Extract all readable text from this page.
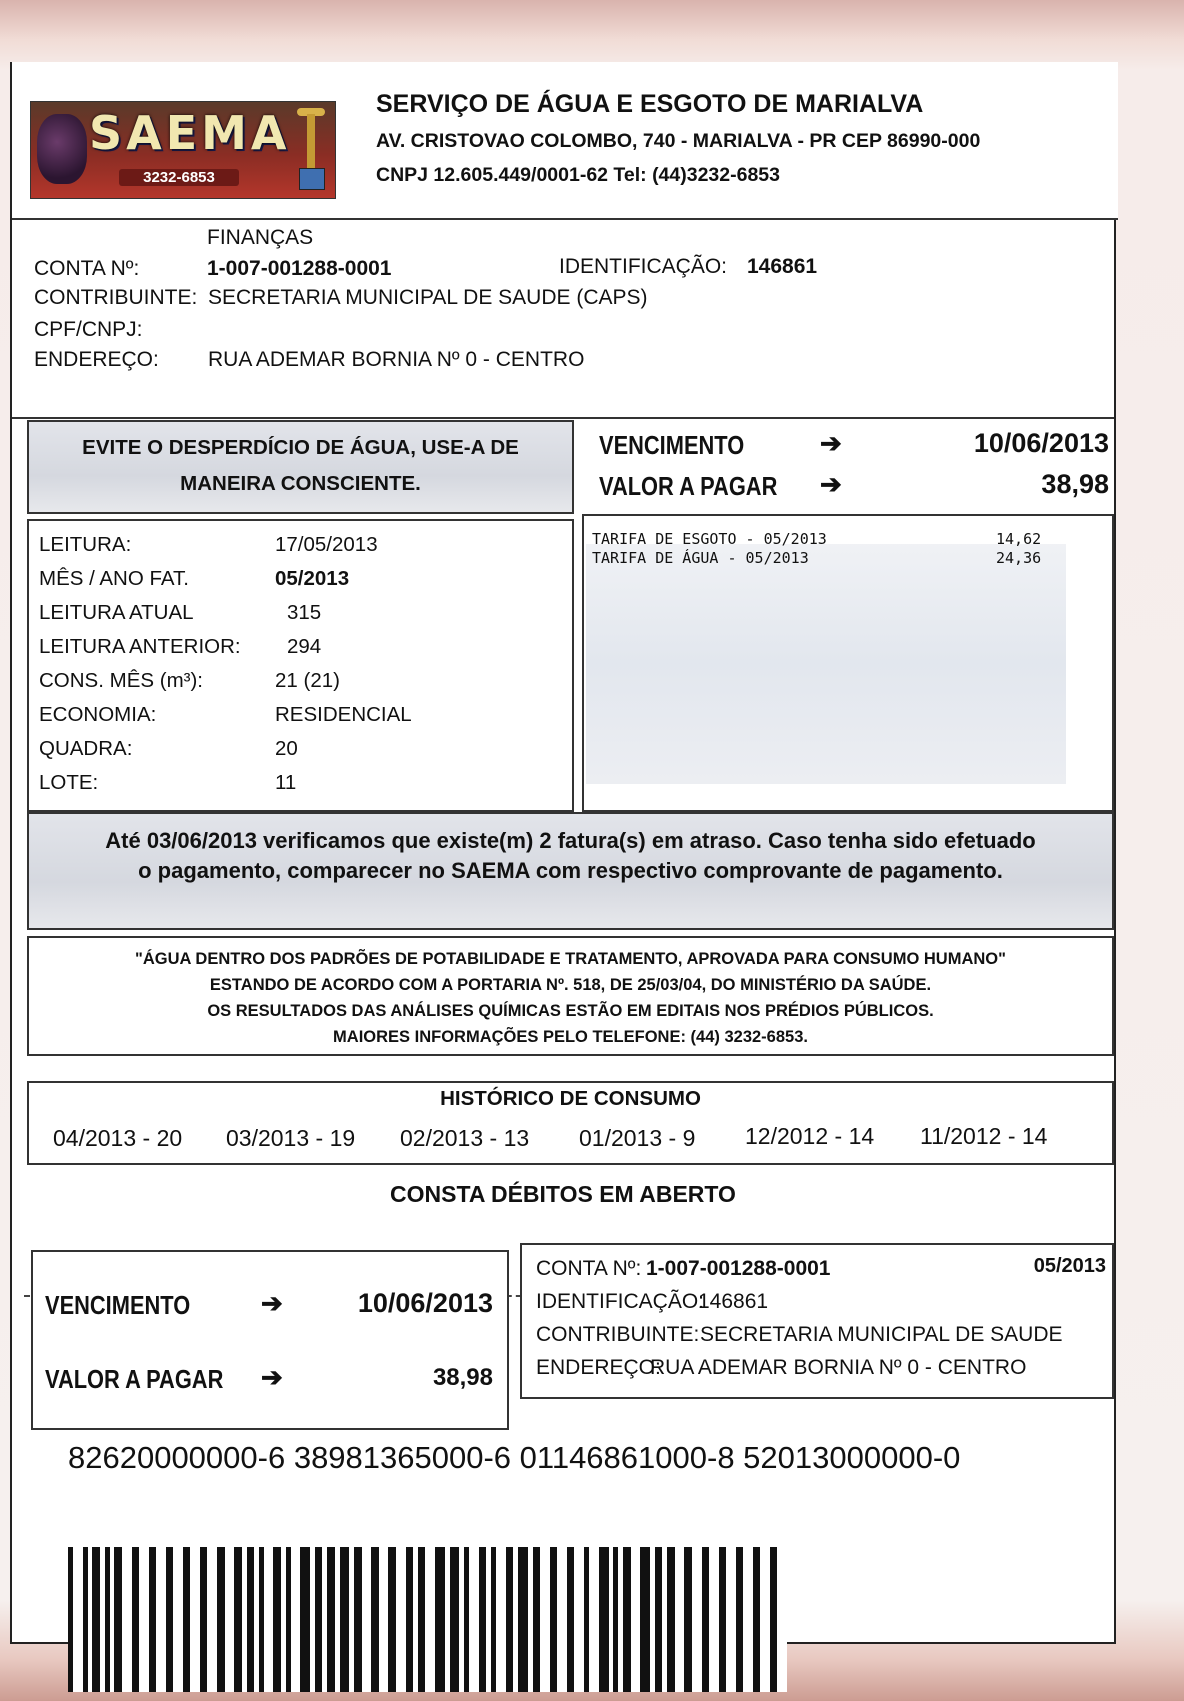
SAEMA
3232-6853
SERVIÇO DE ÁGUA E ESGOTO DE MARIALVA
AV. CRISTOVAO COLOMBO, 740 - MARIALVA - PR CEP 86990-000
CNPJ 12.605.449/0001-62 Tel: (44)3232-6853
FINANÇAS
CONTA Nº:	1-007-001288-0001	IDENTIFICAÇÃO: 146861
CONTRIBUINTE: SECRETARIA MUNICIPAL DE SAUDE (CAPS)
CPF/CNPJ:
ENDEREÇO: RUA ADEMAR BORNIA Nº 0 - CENTRO
EVITE O DESPERDÍCIO DE ÁGUA, USE-A DE
MANEIRA CONSCIENTE.
VENCIMENTO	➔	10/06/2013
VALOR A PAGAR ➔	38,98
LEITURA:	17/05/2013
MÊS / ANO FAT.	05/2013
LEITURA ATUAL	315
LEITURA ANTERIOR: 294
CONS. MÊS (m³):	21 (21)
ECONOMIA:	RESIDENCIAL
QUADRA:	20
LOTE:	11
TARIFA DE ESGOTO - 05/2013	14,62
TARIFA DE ÁGUA - 05/2013	24,36
Até 03/06/2013 verificamos que existe(m) 2 fatura(s) em atraso. Caso tenha sido efetuado
o pagamento, comparecer no SAEMA com respectivo comprovante de pagamento.
"ÁGUA DENTRO DOS PADRÕES DE POTABILIDADE E TRATAMENTO, APROVADA PARA CONSUMO HUMANO"
ESTANDO DE ACORDO COM A PORTARIA Nº. 518, DE 25/03/04, DO MINISTÉRIO DA SAÚDE.
OS RESULTADOS DAS ANÁLISES QUÍMICAS ESTÃO EM EDITAIS NOS PRÉDIOS PÚBLICOS.
MAIORES INFORMAÇÕES PELO TELEFONE: (44) 3232-6853.
HISTÓRICO DE CONSUMO
04/2013 - 20 03/2013 - 19 02/2013 - 13 01/2013 - 9 12/2012 - 14 11/2012 - 14
CONSTA DÉBITOS EM ABERTO
VENCIMENTO	➔	10/06/2013
VALOR A PAGAR ➔	38,98
CONTA Nº: 1-007-001288-0001	05/2013
IDENTIFICAÇÃO:
146861
CONTRIBUINTE: SECRETARIA MUNICIPAL DE SAUDE
ENDEREÇO:
RUA ADEMAR BORNIA Nº 0 - CENTRO
82620000000-6 38981365000-6 01146861000-8 52013000000-0
